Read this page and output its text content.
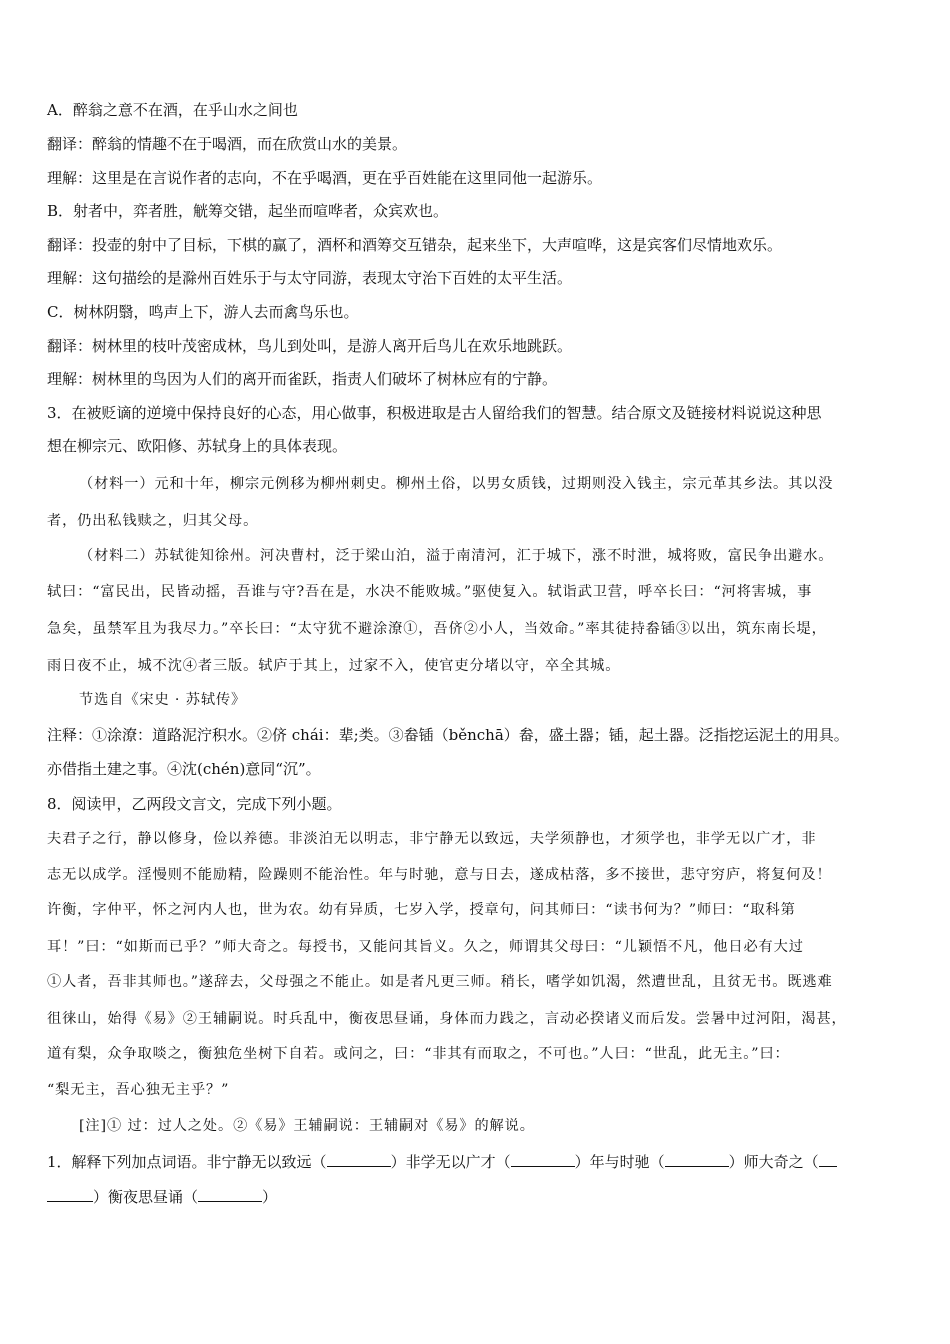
A．醉翁之意不在酒，在乎山水之间也
翻译：醉翁的情趣不在于喝酒，而在欣赏山水的美景。
理解：这里是在言说作者的志向，不在乎喝酒，更在乎百姓能在这里同他一起游乐。
B．射者中，弈者胜，觥筹交错，起坐而喧哗者，众宾欢也。
翻译：投壶的射中了目标，下棋的赢了，酒杯和酒筹交互错杂，起来坐下，大声喧哗，这是宾客们尽情地欢乐。
理解：这句描绘的是滁州百姓乐于与太守同游，表现太守治下百姓的太平生活。
C．树林阴翳，鸣声上下，游人去而禽鸟乐也。
翻译：树林里的枝叶茂密成林，鸟儿到处叫，是游人离开后鸟儿在欢乐地跳跃。
理解：树林里的鸟因为人们的离开而雀跃，指责人们破坏了树林应有的宁静。
3．在被贬谪的逆境中保持良好的心态，用心做事，积极进取是古人留给我们的智慧。结合原文及链接材料说说这种思
想在柳宗元、欧阳修、苏轼身上的具体表现。
（材料一）元和十年，柳宗元例移为柳州刺史。柳州土俗，以男女质钱，过期则没入钱主，宗元革其乡法。其以没
者，仍出私钱赎之，归其父母。
（材料二）苏轼徙知徐州。河决曹村，泛于梁山泊，溢于南清河，汇于城下，涨不时泄，城将败，富民争出避水。
轼曰：“富民出，民皆动摇，吾谁与守?吾在是，水决不能败城。”驱使复入。轼诣武卫营，呼卒长曰：“河将害城，事
急矣，虽禁军且为我尽力。”卒长曰：“太守犹不避涂潦①，吾侪②小人，当效命。”率其徒持畚锸③以出，筑东南长堤，
雨日夜不止，城不沈④者三版。轼庐于其上，过家不入，使官吏分堵以守，卒全其城。
节选自《宋史 · 苏轼传》
注释：①涂潦：道路泥泞积水。②侪 chái：辈;类。③畚锸（běnchā）畚，盛土器；锸，起土器。泛指挖运泥土的用具。
亦借指土建之事。④沈(chén)意同“沉”。
8．阅读甲，乙两段文言文，完成下列小题。
夫君子之行，静以修身，俭以养德。非淡泊无以明志，非宁静无以致远，夫学须静也，才须学也，非学无以广才，非
志无以成学。淫慢则不能励精，险躁则不能治性。年与时驰，意与日去，遂成枯落，多不接世，悲守穷庐，将复何及！
许衡，字仲平，怀之河内人也，世为农。幼有异质，七岁入学，授章句，问其师曰：“读书何为？”师曰：“取科第
耳！”曰：“如斯而已乎？”师大奇之。每授书，又能问其旨义。久之，师谓其父母曰：“儿颖悟不凡，他日必有大过
①人者，吾非其师也。”遂辞去，父母强之不能止。如是者凡更三师。稍长，嗜学如饥渴，然遭世乱，且贫无书。既逃难
徂徕山，始得《易》②王辅嗣说。时兵乱中，衡夜思昼诵，身体而力践之，言动必揆诸义而后发。尝暑中过河阳，渴甚，
道有梨，众争取啖之，衡独危坐树下自若。或问之，曰：“非其有而取之，不可也。”人曰：“世乱，此无主。”曰：
“梨无主，吾心独无主乎？”
[注]① 过：过人之处。②《易》王辅嗣说：王辅嗣对《易》的解说。
1．解释下列加点词语。非宁静无以致远（	）非学无以广才（	）年与时驰（	）师大奇之（
）衡夜思昼诵（	）
